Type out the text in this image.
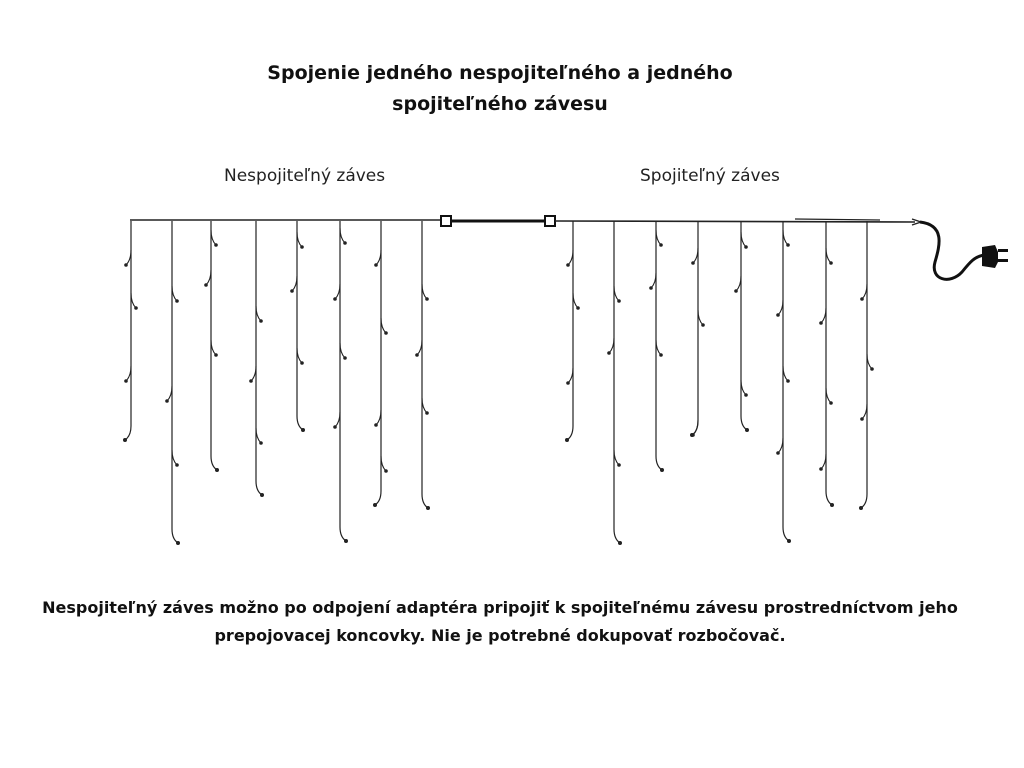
Spojenie jedného nespojiteľného a jedného
spojiteľného závesu
Nespojiteľný záves	Spojiteľný záves
Nespojiteľný záves možno po odpojení adaptéra pripojiť k spojiteľnému závesu prostredníctvom jeho
prepojovacej koncovky. Nie je potrebné dokupovať rozbočovač.
